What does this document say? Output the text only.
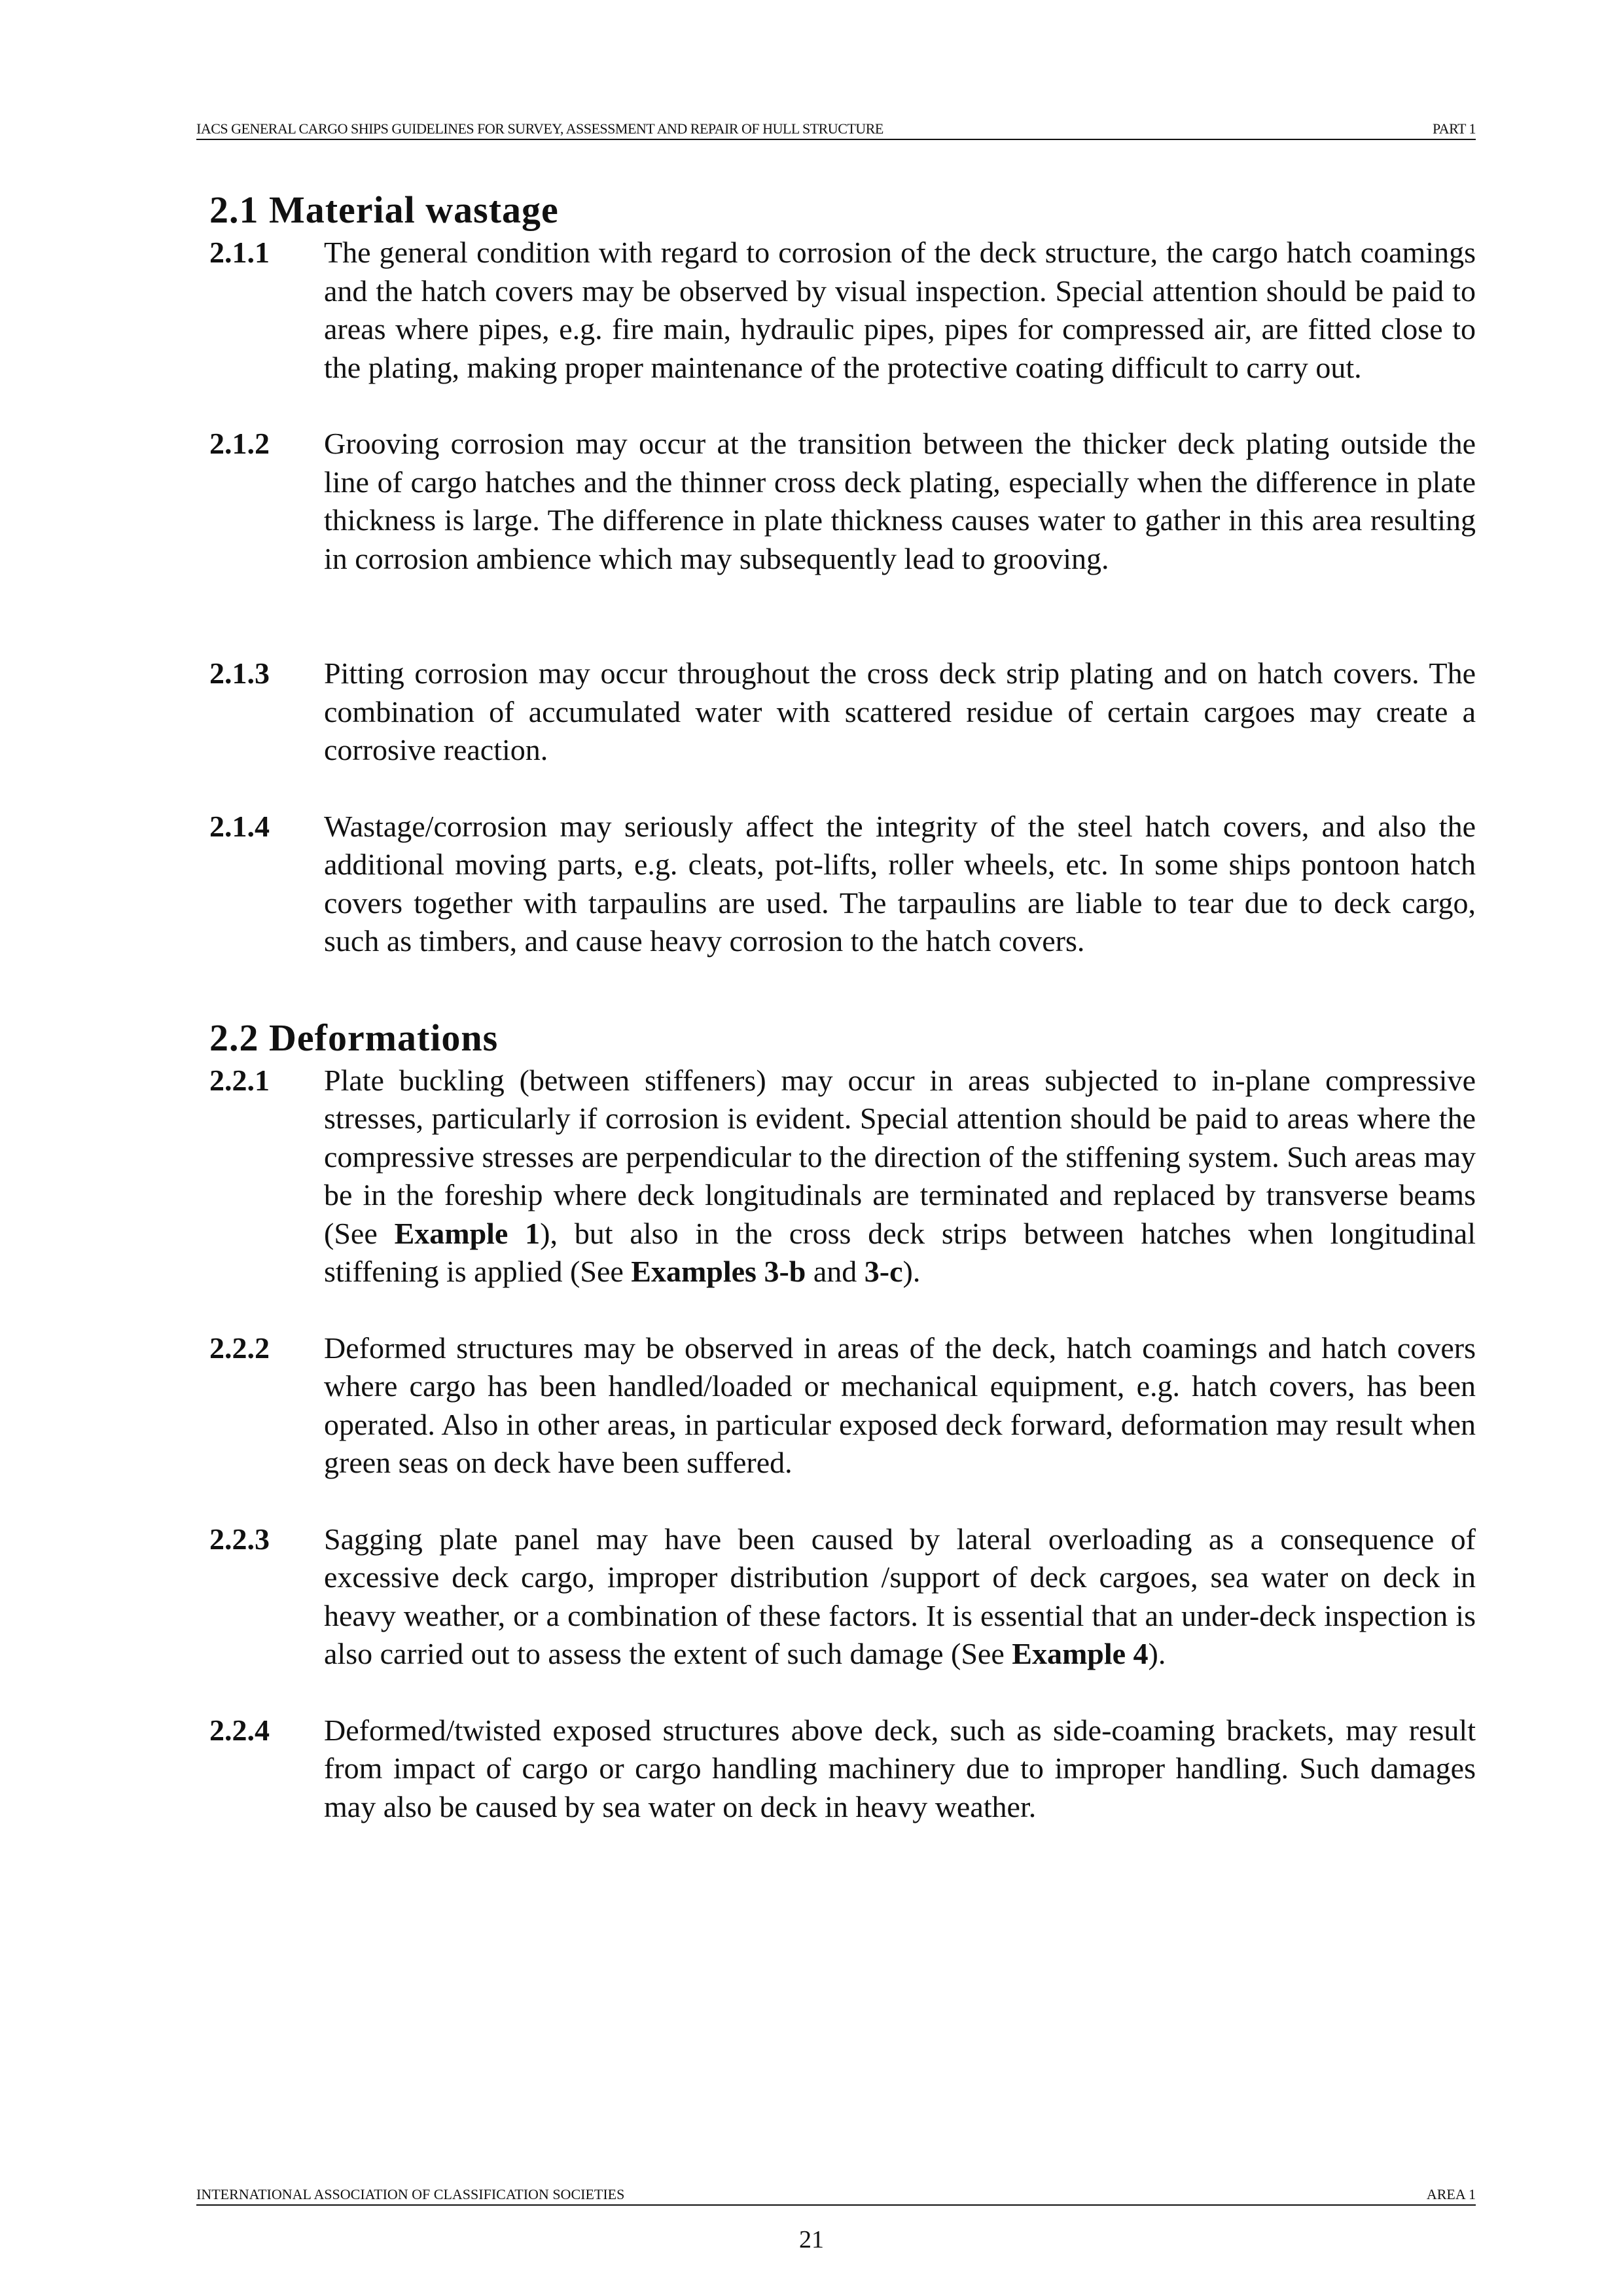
IACS GENERAL CARGO SHIPS GUIDELINES FOR SURVEY, ASSESSMENT AND REPAIR OF HULL STRUCTURE	PART 1
2.1 Material wastage
2.1.1	The general condition with regard to corrosion of the deck structure, the cargo hatch coamings and the hatch covers may be observed by visual inspection. Special attention should be paid to areas where pipes, e.g. fire main, hydraulic pipes, pipes for compressed air, are fitted close to the plating, making proper maintenance of the protective coating difficult to carry out.
2.1.2	Grooving corrosion may occur at the transition between the thicker deck plating outside the line of cargo hatches and the thinner cross deck plating, especially when the difference in plate thickness is large. The difference in plate thickness causes water to gather in this area resulting in corrosion ambience which may subsequently lead to grooving.
2.1.3	Pitting corrosion may occur throughout the cross deck strip plating and on hatch covers. The combination of accumulated water with scattered residue of certain cargoes may create a corrosive reaction.
2.1.4	Wastage/corrosion may seriously affect the integrity of the steel hatch covers, and also the additional moving parts, e.g. cleats, pot-lifts, roller wheels, etc. In some ships pontoon hatch covers together with tarpaulins are used. The tarpaulins are liable to tear due to deck cargo, such as timbers, and cause heavy corrosion to the hatch covers.
2.2 Deformations
2.2.1	Plate buckling (between stiffeners) may occur in areas subjected to in-plane compressive stresses, particularly if corrosion is evident. Special attention should be paid to areas where the compressive stresses are perpendicular to the direction of the stiffening system. Such areas may be in the foreship where deck longitudinals are terminated and replaced by transverse beams (See Example 1), but also in the cross deck strips between hatches when longitudinal stiffening is applied (See Examples 3-b and 3-c).
2.2.2	Deformed structures may be observed in areas of the deck, hatch coamings and hatch covers where cargo has been handled/loaded or mechanical equipment, e.g. hatch covers, has been operated. Also in other areas, in particular exposed deck forward, deformation may result when green seas on deck have been suffered.
2.2.3	Sagging plate panel may have been caused by lateral overloading as a consequence of excessive deck cargo, improper distribution /support of deck cargoes, sea water on deck in heavy weather, or a combination of these factors. It is essential that an under-deck inspection is also carried out to assess the extent of such damage (See Example 4).
2.2.4	Deformed/twisted exposed structures above deck, such as side-coaming brackets, may result from impact of cargo or cargo handling machinery due to improper handling. Such damages may also be caused by sea water on deck in heavy weather.
INTERNATIONAL ASSOCIATION OF CLASSIFICATION SOCIETIES	AREA 1
21
